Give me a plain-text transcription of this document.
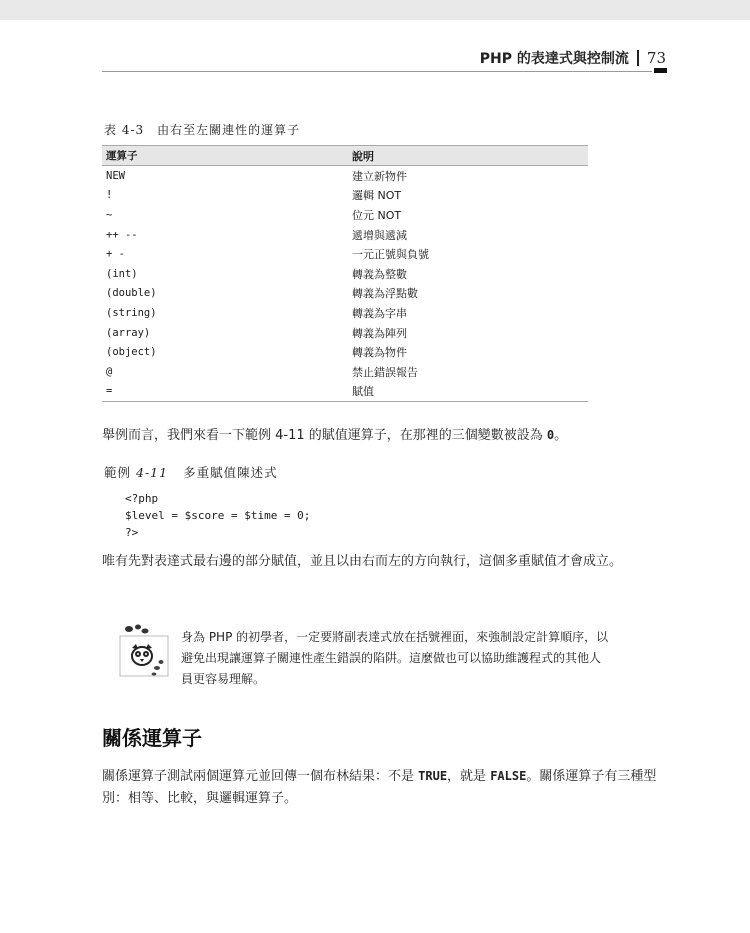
PHP 的表達式與控制流 73
表 4-3　由右至左關連性的運算子
運算子	說明
NEW	建立新物件
!	邏輯 NOT
~	位元 NOT
++ --	遞增與遞減
+ -	一元正號與負號
(int)	轉義為整數
(double)	轉義為浮點數
(string)	轉義為字串
(array)	轉義為陣列
(object)	轉義為物件
@	禁止錯誤報告
=	賦值
舉例而言，我們來看一下範例 4-11 的賦值運算子，在那裡的三個變數被設為 0。
範例 4-11 多重賦值陳述式
<?php
$level = $score = $time = 0;
?>
唯有先對表達式最右邊的部分賦值，並且以由右而左的方向執行，這個多重賦值才會成立。
身為 PHP 的初學者，一定要將副表達式放在括號裡面，來強制設定計算順序，以避免出現讓運算子關連性產生錯誤的陷阱。這麼做也可以協助維護程式的其他人員更容易理解。
關係運算子
關係運算子測試兩個運算元並回傳一個布林結果：不是 TRUE，就是 FALSE。關係運算子有三種型別：相等、比較，與邏輯運算子。
